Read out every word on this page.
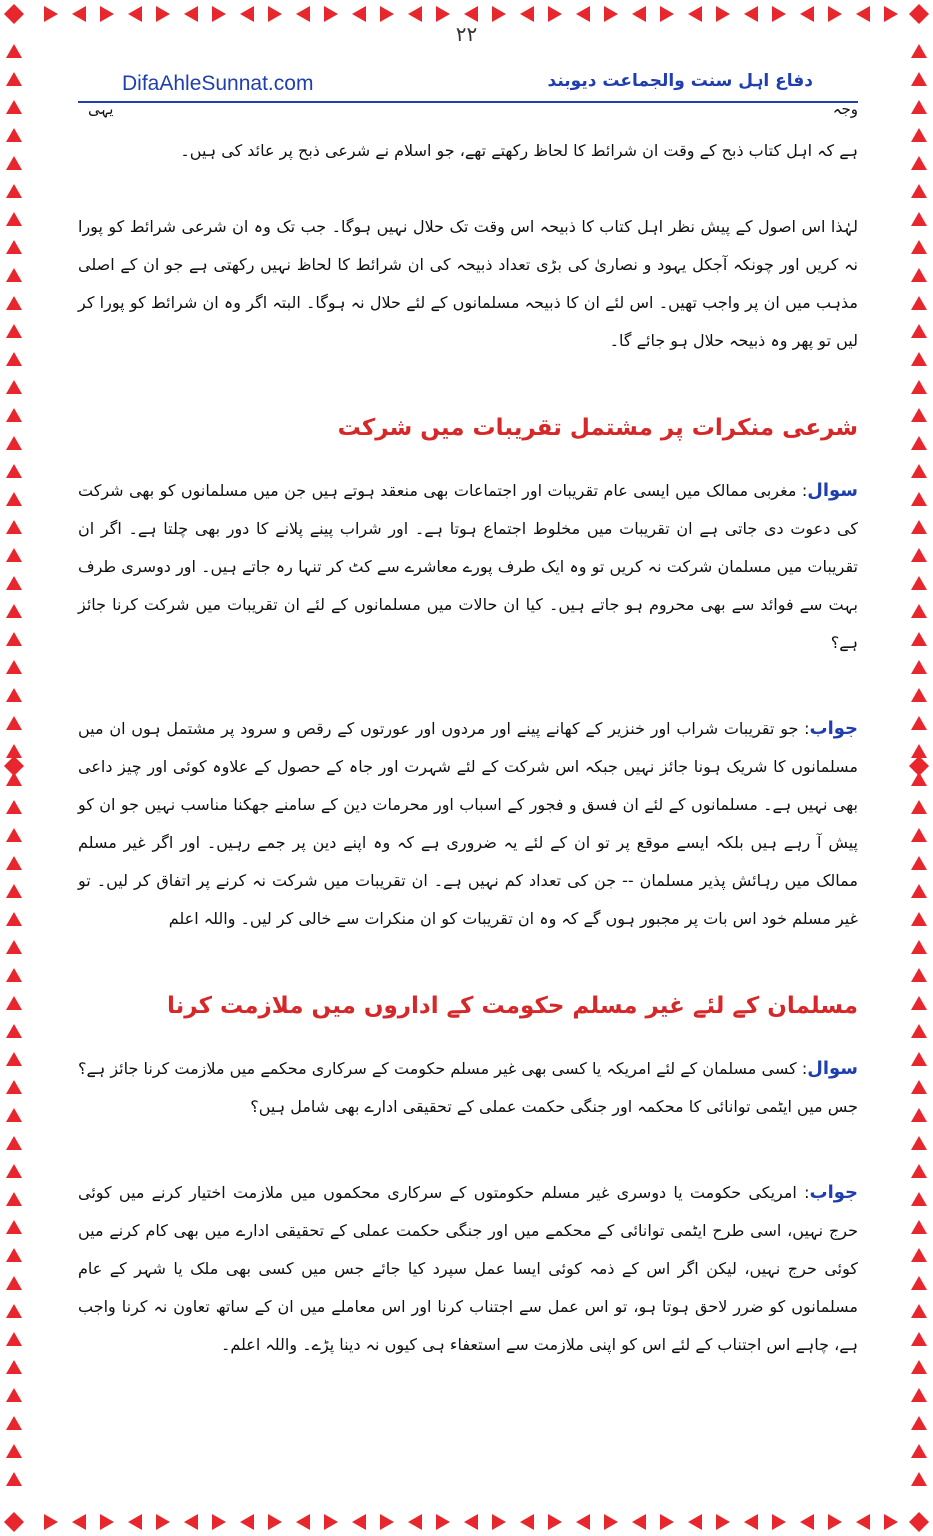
۲۲
DifaAhleSunnat.com	دفاع اہل سنت والجماعت دیوبند
وجہ
یہی

ہے کہ اہل کتاب ذبح کے وقت ان شرائط کا لحاظ رکھتے تھے، جو اسلام نے شرعی ذبح پر عائد کی ہیں۔

لہٰذا اس اصول کے پیش نظر اہل کتاب کا ذبیحہ اس وقت تک حلال نہیں ہوگا۔ جب تک وہ ان شرعی شرائط کو پورا نہ کریں اور چونکہ آجکل یہود و نصاریٰ کی بڑی تعداد ذبیحہ کی ان شرائط کا لحاظ نہیں رکھتی ہے جو ان کے اصلی مذہب میں ان پر واجب تھیں۔ اس لئے ان کا ذبیحہ مسلمانوں کے لئے حلال نہ ہوگا۔ البتہ اگر وہ ان شرائط کو پورا کر لیں تو پھر وہ ذبیحہ حلال ہو جائے گا۔

شرعی منکرات پر مشتمل تقریبات میں شرکت

سوال: مغربی ممالک میں ایسی عام تقریبات اور اجتماعات بھی منعقد ہوتے ہیں جن میں مسلمانوں کو بھی شرکت کی دعوت دی جاتی ہے ان تقریبات میں مخلوط اجتماع ہوتا ہے۔ اور شراب پینے پلانے کا دور بھی چلتا ہے۔ اگر ان تقریبات میں مسلمان شرکت نہ کریں تو وہ ایک طرف پورے معاشرے سے کٹ کر تنہا رہ جاتے ہیں۔ اور دوسری طرف بہت سے فوائد سے بھی محروم ہو جاتے ہیں۔ کیا ان حالات میں مسلمانوں کے لئے ان تقریبات میں شرکت کرنا جائز ہے؟

جواب: جو تقریبات شراب اور خنزیر کے کھانے پینے اور مردوں اور عورتوں کے رقص و سرود پر مشتمل ہوں ان میں مسلمانوں کا شریک ہونا جائز نہیں جبکہ اس شرکت کے لئے شہرت اور جاہ کے حصول کے علاوہ کوئی اور چیز داعی بھی نہیں ہے۔ مسلمانوں کے لئے ان فسق و فجور کے اسباب اور محرمات دین کے سامنے جھکنا مناسب نہیں جو ان کو پیش آ رہے ہیں بلکہ ایسے موقع پر تو ان کے لئے یہ ضروری ہے کہ وہ اپنے دین پر جمے رہیں۔ اور اگر غیر مسلم ممالک میں رہائش پذیر مسلمان -- جن کی تعداد کم نہیں ہے۔ ان تقریبات میں شرکت نہ کرنے پر اتفاق کر لیں۔ تو غیر مسلم خود اس بات پر مجبور ہوں گے کہ وہ ان تقریبات کو ان منکرات سے خالی کر لیں۔ واللہ اعلم

مسلمان کے لئے غیر مسلم حکومت کے اداروں میں ملازمت کرنا

سوال: کسی مسلمان کے لئے امریکہ یا کسی بھی غیر مسلم حکومت کے سرکاری محکمے میں ملازمت کرنا جائز ہے؟ جس میں ایٹمی توانائی کا محکمہ اور جنگی حکمت عملی کے تحقیقی ادارے بھی شامل ہیں؟

جواب: امریکی حکومت یا دوسری غیر مسلم حکومتوں کے سرکاری محکموں میں ملازمت اختیار کرنے میں کوئی حرج نہیں، اسی طرح ایٹمی توانائی کے محکمے میں اور جنگی حکمت عملی کے تحقیقی ادارے میں بھی کام کرنے میں کوئی حرج نہیں، لیکن اگر اس کے ذمہ کوئی ایسا عمل سپرد کیا جائے جس میں کسی بھی ملک یا شہر کے عام مسلمانوں کو ضرر لاحق ہوتا ہو، تو اس عمل سے اجتناب کرنا اور اس معاملے میں ان کے ساتھ تعاون نہ کرنا واجب ہے، چاہے اس اجتناب کے لئے اس کو اپنی ملازمت سے استعفاء ہی کیوں نہ دینا پڑے۔ واللہ اعلم۔
